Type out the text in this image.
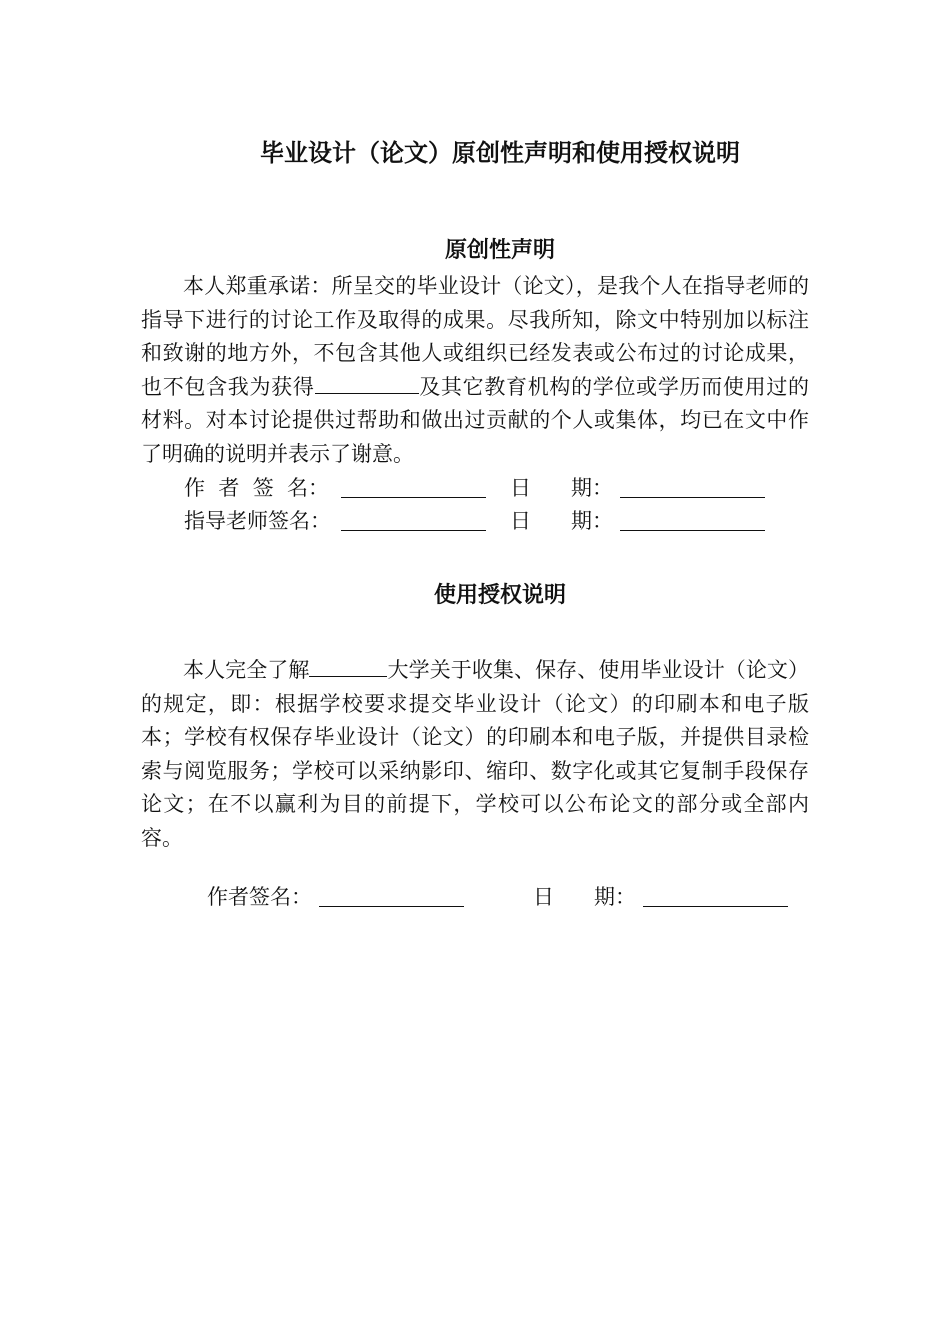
毕业设计（论文）原创性声明和使用授权说明
原创性声明

本人郑重承诺：所呈交的毕业设计（论文），是我个人在指导老师的指导下进行的讨论工作及取得的成果。尽我所知，除文中特别加以标注和致谢的地方外，不包含其他人或组织已经发表或公布过的讨论成果，也不包含我为获得	及其它教育机构的学位或学历而使用过的材料。对本讨论提供过帮助和做出过贡献的个人或集体，均已在文中作了明确的说明并表示了谢意。

作  者  签  名：	日      期：
指导老师签名：	日      期：
使用授权说明

本人完全了解	大学关于收集、保存、使用毕业设计（论文）的规定，即：根据学校要求提交毕业设计（论文）的印刷本和电子版本；学校有权保存毕业设计（论文）的印刷本和电子版，并提供目录检索与阅览服务；学校可以采纳影印、缩印、数字化或其它复制手段保存论文；在不以赢利为目的前提下，学校可以公布论文的部分或全部内容。

作者签名：	日      期：
